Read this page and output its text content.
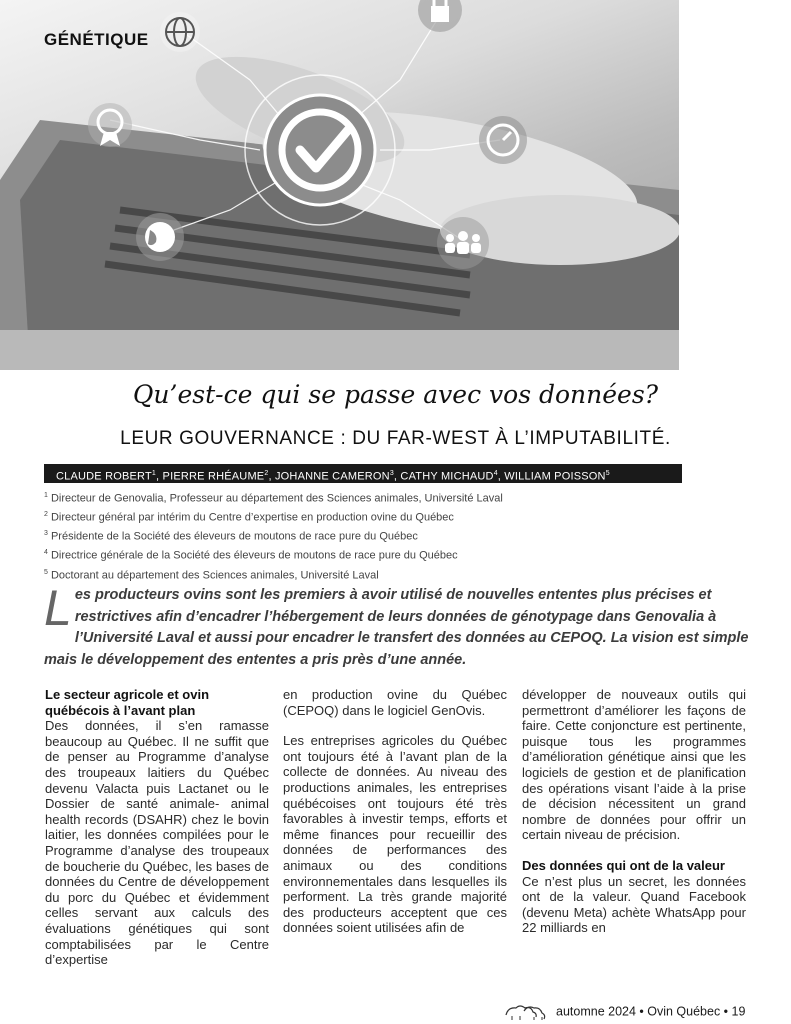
GÉNÉTIQUE
Qu’est-ce qui se passe avec vos données?
LEUR GOUVERNANCE : DU FAR-WEST À L’IMPUTABILITÉ.
CLAUDE ROBERT$^1$, PIERRE RHÉAUME$^2$, JOHANNE CAMERON$^3$, CATHY MICHAUD$^4$, WILLIAM POISSON$^5$
$^1$ Directeur de Genovalia, Professeur au département des Sciences animales, Université Laval
$^2$ Directeur général par intérim du Centre d’expertise en production ovine du Québec
$^3$ Présidente de la Société des éleveurs de moutons de race pure du Québec
$^4$ Directrice générale de la Société des éleveurs de moutons de race pure du Québec
$^5$ Doctorant au département des Sciences animales, Université Laval
Les producteurs ovins sont les premiers à avoir utilisé de nouvelles ententes plus précises et restrictives afin d’encadrer l’hébergement de leurs données de génotypage dans Genovalia à l’Université Laval et aussi pour encadrer le transfert des données au CEPOQ. La vision est simple mais le développement des ententes a pris près d’une année.
Le secteur agricole et ovin québécois à l’avant plan

Des données, il s’en ramasse beaucoup au Québec. Il ne suffit que de penser au Programme d’analyse des troupeaux laitiers du Québec devenu Valacta puis Lactanet ou le Dossier de santé animale- animal health records (DSAHR) chez le bovin laitier, les données compilées pour le Programme d’analyse des troupeaux de boucherie du Québec, les bases de données du Centre de développement du porc du Québec et évidemment celles servant aux calculs des évaluations génétiques qui sont comptabilisées par le Centre d’expertise

en production ovine du Québec (CEPOQ) dans le logiciel GenOvis.

Les entreprises agricoles du Québec ont toujours été à l’avant plan de la collecte de données. Au niveau des productions animales, les entreprises québécoises ont toujours été très favorables à investir temps, efforts et même finances pour recueillir des données de performances des animaux ou des conditions environnementales dans lesquelles ils performent. La très grande majorité des producteurs acceptent que ces données soient utilisées afin de

développer de nouveaux outils qui permettront d’améliorer les façons de faire. Cette conjoncture est pertinente, puisque tous les programmes d’amélioration génétique ainsi que les logiciels de gestion et de planification des opérations visant l’aide à la prise de décision nécessitent un grand nombre de données pour offrir un certain niveau de précision.

Des données qui ont de la valeur

Ce n’est plus un secret, les données ont de la valeur. Quand Facebook (devenu Meta) achète WhatsApp pour 22 milliards en

automne 2024 • Ovin Québec • 19
